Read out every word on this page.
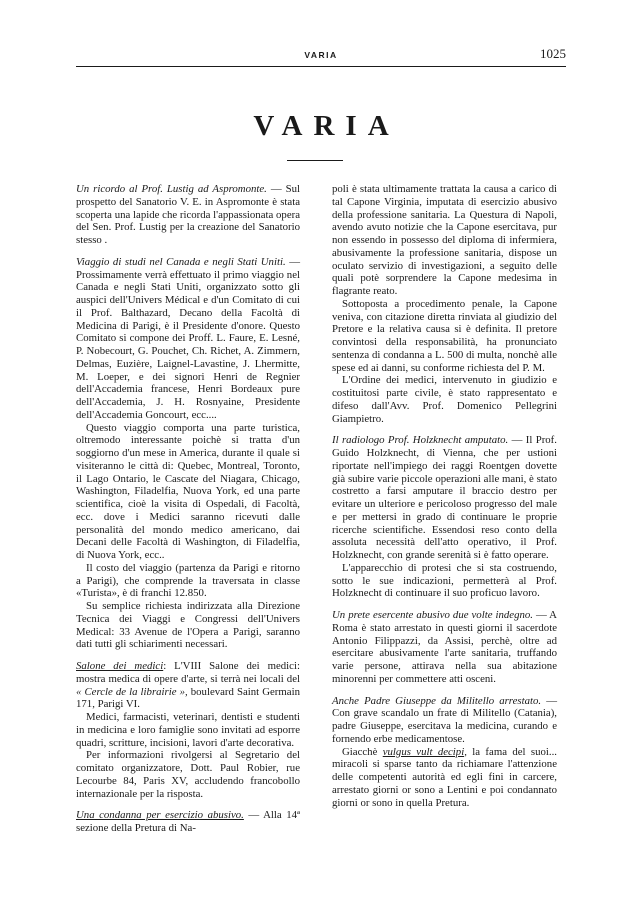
VARIA	1025
VARIA

Un ricordo al Prof. Lustig ad Aspromonte. — Sul prospetto del Sanatorio V. E. in Aspromonte è stata scoperta una lapide che ricorda l'appassionata opera del Sen. Prof. Lustig per la creazione del Sanatorio stesso .

Viaggio di studi nel Canada e negli Stati Uniti. — Prossimamente verrà effettuato il primo viaggio nel Canada e negli Stati Uniti, organizzato sotto gli auspici dell'Univers Médical e d'un Comitato di cui il Prof. Balthazard, Decano della Facoltà di Medicina di Parigi, è il Presidente d'onore. Questo Comitato si compone dei Proff. L. Faure, E. Lesné, P. Nobecourt, G. Pouchet, Ch. Richet, A. Zimmern, Delmas, Euzière, Laignel-Lavastine, J. Lhermitte, M. Loeper, e dei signori Henri de Regnier dell'Accademia francese, Henri Bordeaux pure dell'Accademia, J. H. Rosnyaine, Presidente dell'Accademia Goncourt, ecc....

Questo viaggio comporta una parte turistica, oltremodo interessante poichè si tratta d'un soggiorno d'un mese in America, durante il quale si visiteranno le città di: Quebec, Montreal, Toronto, il Lago Ontario, le Cascate del Niagara, Chicago, Washington, Filadelfia, Nuova York, ed una parte scientifica, cioè la visita di Ospedali, di Facoltà, ecc. dove i Medici saranno ricevuti dalle personalità del mondo medico americano, dai Decani delle Facoltà di Washington, di Filadelfia, di Nuova York, ecc..

Il costo del viaggio (partenza da Parigi e ritorno a Parigi), che comprende la traversata in classe «Turista», è di franchi 12.850.

Su semplice richiesta indirizzata alla Direzione Tecnica dei Viaggi e Congressi dell'Univers Medical: 33 Avenue de l'Opera a Parigi, saranno dati tutti gli schiarimenti necessari.

Salone dei medici: L'VIII Salone dei medici: mostra medica di opere d'arte, si terrà nei locali del « Cercle de la librairie », boulevard Saint Germain 171, Parigi VI.

Medici, farmacisti, veterinari, dentisti e studenti in medicina e loro famiglie sono invitati ad esporre quadri, scritture, incisioni, lavori d'arte decorativa.

Per informazioni rivolgersi al Segretario del comitato organizzatore, Dott. Paul Robier, rue Lecourbe 84, Paris XV, accludendo francobollo internazionale per la risposta.

Una condanna per esercizio abusivo. — Alla 14ª sezione della Pretura di Na-

poli è stata ultimamente trattata la causa a carico di tal Capone Virginia, imputata di esercizio abusivo della professione sanitaria. La Questura di Napoli, avendo avuto notizie che la Capone esercitava, pur non essendo in possesso del diploma di infermiera, abusivamente la professione sanitaria, dispose un oculato servizio di investigazioni, a seguito delle quali potè sorprendere la Capone medesima in flagrante reato.

Sottoposta a procedimento penale, la Capone veniva, con citazione diretta rinviata al giudizio del Pretore e la relativa causa si è definita. Il pretore convintosi della responsabilità, ha pronunciato sentenza di condanna a L. 500 di multa, nonchè alle spese ed ai danni, su conforme richiesta del P. M.

L'Ordine dei medici, intervenuto in giudizio e costituitosi parte civile, è stato rappresentato e difeso dall'Avv. Prof. Domenico Pellegrini Giampietro.

Il radiologo Prof. Holzknecht amputato. — Il Prof. Guido Holzknecht, di Vienna, che per ustioni riportate nell'impiego dei raggi Roentgen dovette già subire varie piccole operazioni alle mani, è stato costretto a farsi amputare il braccio destro per evitare un ulteriore e pericoloso progresso del male e per mettersi in grado di continuare le proprie ricerche scientifiche. Essendosi reso conto della assoluta necessità dell'atto operativo, il Prof. Holzknecht, con grande serenità si è fatto operare.

L'apparecchio di protesi che si sta costruendo, sotto le sue indicazioni, permetterà al Prof. Holzknecht di continuare il suo proficuo lavoro.

Un prete esercente abusivo due volte indegno. — A Roma è stato arrestato in questi giorni il sacerdote Antonio Filippazzi, da Assisi, perchè, oltre ad esercitare abusivamente l'arte sanitaria, truffando varie persone, attirava nella sua abitazione minorenni per commettere atti osceni.

Anche Padre Giuseppe da Militello arrestato. — Con grave scandalo un frate di Militello (Catania), padre Giuseppe, esercitava la medicina, curando e fornendo erbe medicamentose.

Giacchè vulgus vult decipi, la fama del suoi... miracoli si sparse tanto da richiamare l'attenzione delle competenti autorità ed egli fini in carcere, arrestato giorni or sono a Lentini e poi condannato giorni or sono in quella Pretura.
